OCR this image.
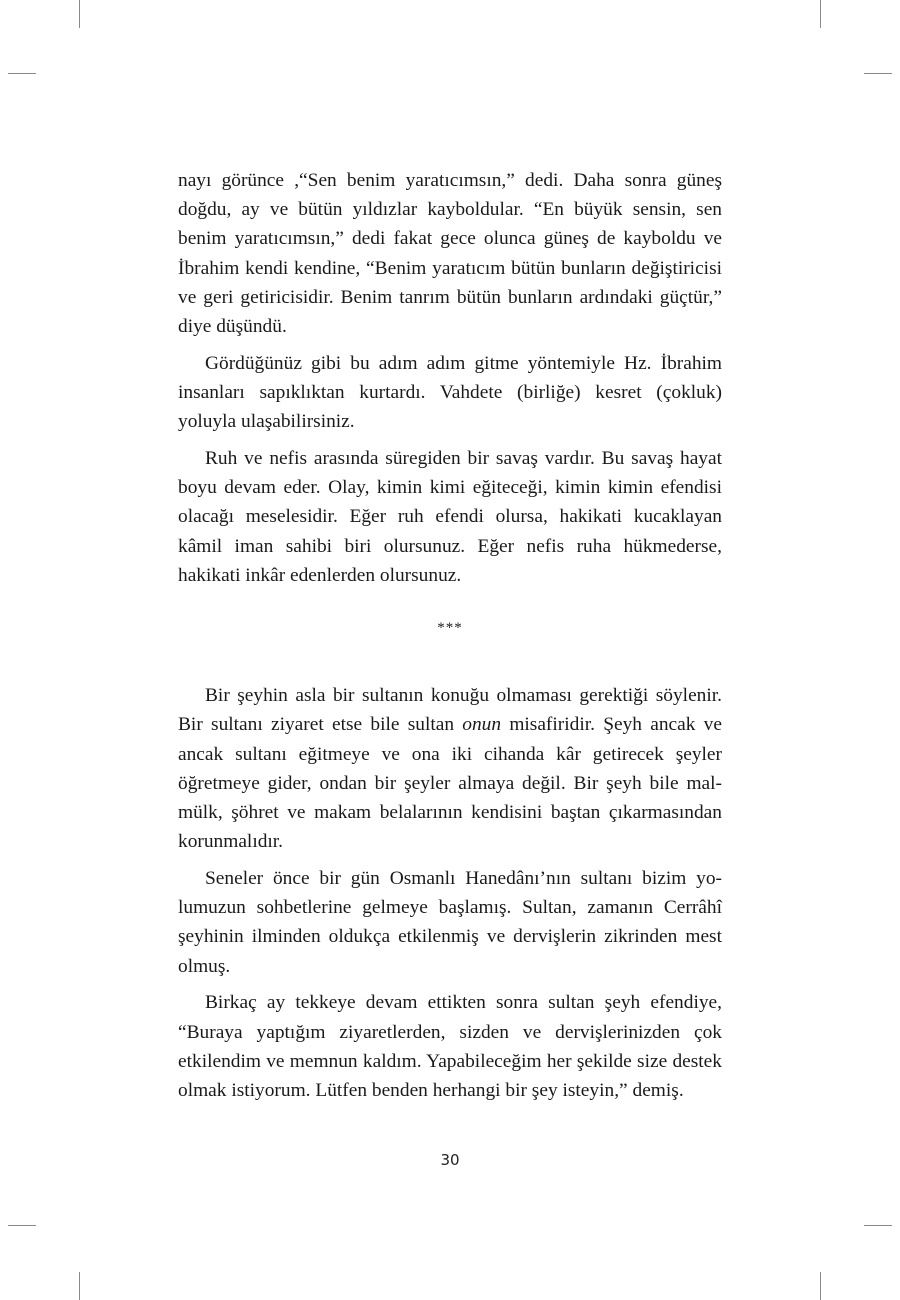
nayı görünce ,“Sen benim yaratıcımsın,” dedi. Daha sonra güneş doğdu, ay ve bütün yıldızlar kayboldular. “En büyük sensin, sen benim yaratıcımsın,” dedi fakat gece olunca güneş de kayboldu ve İbrahim kendi kendine, “Benim yaratıcım bütün bunların değiştiricisi ve geri getiricisidir. Benim tanrım bütün bunların ardındaki güçtür,” diye düşündü.

Gördüğünüz gibi bu adım adım gitme yöntemiyle Hz. İbrahim insanları sapıklıktan kurtardı. Vahdete (birliğe) kesret (çokluk) yoluyla ulaşabilirsiniz.

Ruh ve nefis arasında süregiden bir savaş vardır. Bu savaş hayat boyu devam eder. Olay, kimin kimi eğiteceği, kimin kimin efendisi olacağı meselesidir. Eğer ruh efendi olursa, hakikati kucaklayan kâmil iman sahibi biri olursunuz. Eğer nefis ruha hükmederse, hakikati inkâr edenlerden olursunuz.

***

Bir şeyhin asla bir sultanın konuğu olmaması gerektiği söylenir. Bir sultanı ziyaret etse bile sultan onun misafiridir. Şeyh ancak ve ancak sultanı eğitmeye ve ona iki cihanda kâr getirecek şeyler öğretmeye gider, ondan bir şeyler almaya değil. Bir şeyh bile mal-mülk, şöhret ve makam belalarının kendisini baştan çıkarmasından korunmalıdır.

Seneler önce bir gün Osmanlı Hanedânı’nın sultanı bizim yolumuzun sohbetlerine gelmeye başlamış. Sultan, zamanın Cerrâhî şeyhinin ilminden oldukça etkilenmiş ve dervişlerin zikrinden mest olmuş.

Birkaç ay tekkeye devam ettikten sonra sultan şeyh efendiye, “Buraya yaptığım ziyaretlerden, sizden ve dervişlerinizden çok etkilendim ve memnun kaldım. Yapabileceğim her şekilde size destek olmak istiyorum. Lütfen benden herhangi bir şey isteyin,” demiş.

30
